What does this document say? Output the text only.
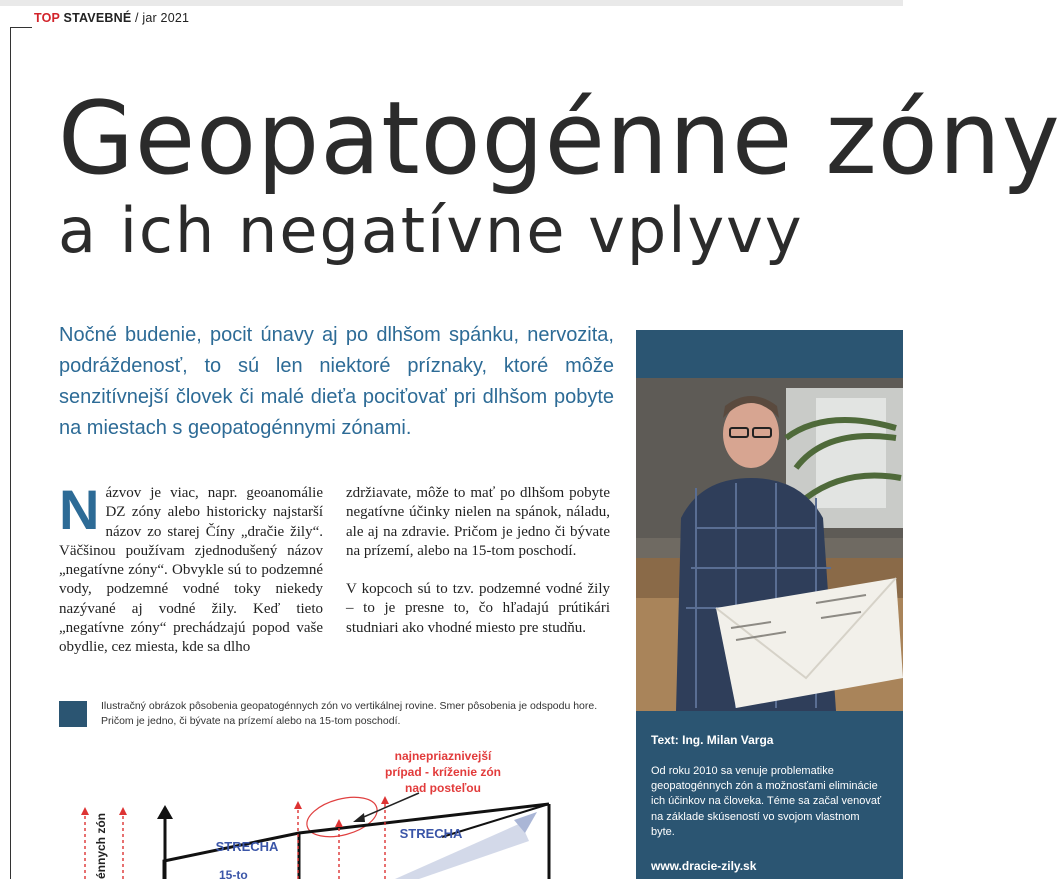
TOP STAVEBNÉ / jar 2021
Geopatogénne zóny
a ich negatívne vplyvy
Nočné budenie, pocit únavy aj po dlhšom spánku, nervozita, podráždenosť, to sú len niektoré príznaky, ktoré môže senzitívnejší človek či malé dieťa pociťovať pri dlhšom pobyte na miestach s geopatogénnymi zónami.

Názvov je viac, napr. geoanomálie DZ zóny alebo historicky najstarší názov zo starej Číny „dračie žily“. Väčšinou používam zjednodušený názov „negatívne zóny“. Obvykle sú to podzemné vody, podzemné vodné toky niekedy nazývané aj vodné žily. Keď tieto „negatívne zóny“ prechádzajú popod vaše obydlie, cez miesta, kde sa dlho

zdržiavate, môže to mať po dlhšom pobyte negatívne účinky nielen na spánok, náladu, ale aj na zdravie. Pričom je jedno či bývate na prízemí, alebo na 15-tom poschodí.

V kopcoch sú to tzv. podzemné vodné žily – to je presne to, čo hľadajú prútikári studniari ako vhodné miesto pre studňu.

Ilustračný obrázok pôsobenia geopatogénnych zón vo vertikálnej rovine. Smer pôsobenia je odspodu hore. Pričom je jedno, či bývate na prízemí alebo na 15-tom poschodí.
najnepriaznivejší
prípad - kríženie zón
nad posteľou
STRECHA
STRECHA
15-to
énnych zón
Text: Ing. Milan Varga
Od roku 2010 sa venuje problematike geopatogénnych zón a možnosťami eliminácie ich účinkov na človeka. Téme sa začal venovať na základe skúseností vo svojom vlastnom byte.
www.dracie-zily.sk
